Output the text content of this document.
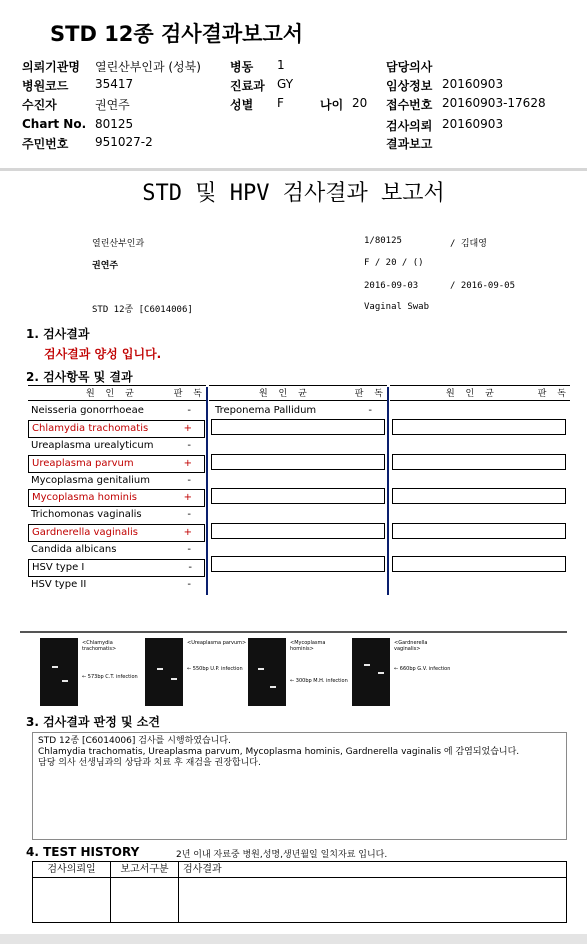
STD 12종 검사결과보고서
의뢰기관명 열린산부인과 (성북)
병원코드 35417
수진자	권연주
Chart No. 80125
주민번호 951027-2
병동 1
진료과 GY
성별 F	나이 20
담당의사
임상정보 20160903
접수번호 20160903-17628
검사의뢰 20160903
결과보고
STD 및 HPV 검사결과 보고서
열린산부인과	1/80125	/ 김대영
권연주	F / 20 / ()
2016-09-03	/ 2016-09-05
STD 12종 [C6014006]	Vaginal Swab
1. 검사결과
검사결과 양성 입니다.
2. 검사항목 및 결과
원 인 균	판 독	원 인 균	판 독	원 인 균	판 독
Neisseria gonorrhoeae	-
Chlamydia trachomatis	+
Ureaplasma urealyticum	-
Ureaplasma parvum	+
Mycoplasma genitalium	-
Mycoplasma hominis	+
Trichomonas vaginalis	-
Gardnerella vaginalis	+
Candida albicans	-
HSV type I	-
HSV type II	-
Treponema Pallidum	-
<Chlamydia trachomatis>
← 573bp C.T. infection
<Ureaplasma parvum>
← 550bp U.P. infection
<Mycoplasma hominis>
← 300bp M.H. infection
<Gardnerella vaginalis>
← 660bp G.V. infection
3. 검사결과 판정 및 소견
STD 12종 [C6014006] 검사를 시행하였습니다.
Chlamydia trachomatis, Ureaplasma parvum, Mycoplasma hominis, Gardnerella vaginalis 에 감염되었습니다.
담당 의사 선생님과의 상담과 치료 후 재검을 권장합니다.
4. TEST HISTORY	2년 이내 자료중 병원,성명,생년월일 일치자료 입니다.
검사의뢰일	보고서구분	검사결과
